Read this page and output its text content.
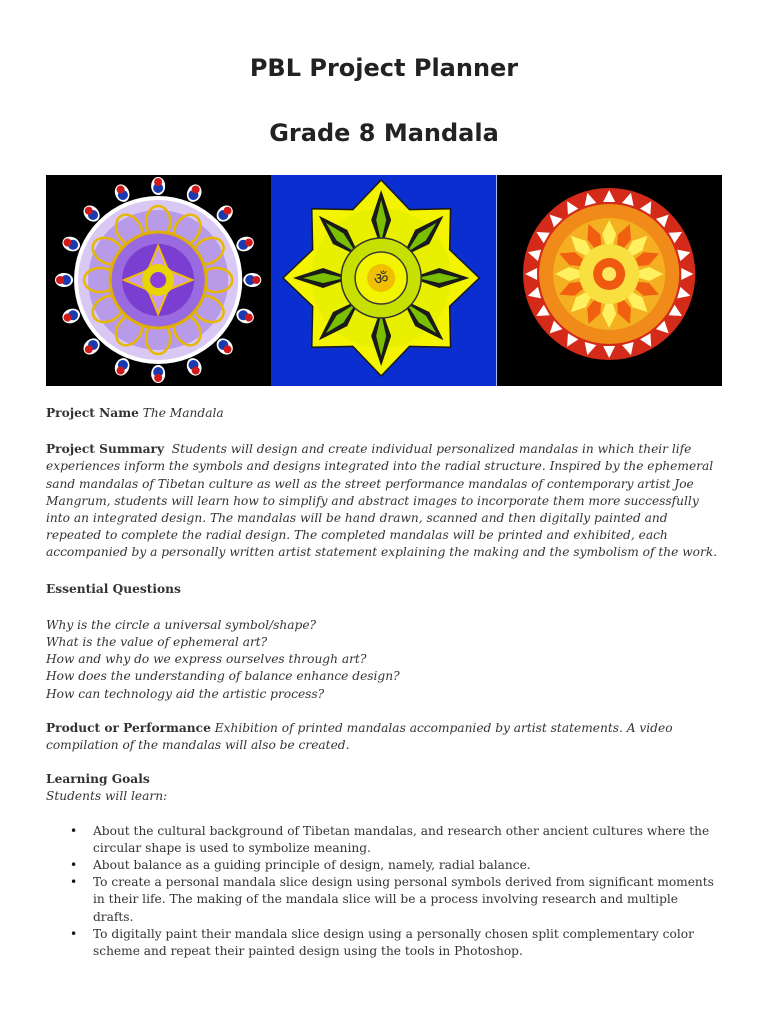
PBL Project Planner
Grade 8 Mandala
ॐ

Project Name The Mandala

Project Summary Students will design and create individual personalized mandalas in which their life experiences inform the symbols and designs integrated into the radial structure. Inspired by the ephemeral sand mandalas of Tibetan culture as well as the street performance mandalas of contemporary artist Joe Mangrum, students will learn how to simplify and abstract images to incorporate them more successfully into an integrated design. The mandalas will be hand drawn, scanned and then digitally painted and repeated to complete the radial design. The completed mandalas will be printed and exhibited, each accompanied by a personally written artist statement explaining the making and the symbolism of the work.

Essential Questions

Why is the circle a universal symbol/shape?

What is the value of ephemeral art?

How and why do we express ourselves through art?

How does the understanding of balance enhance design?

How can technology aid the artistic process?

Product or Performance Exhibition of printed mandalas accompanied by artist statements. A video compilation of the mandalas will also be created.

Learning Goals

Students will learn:

• About the cultural background of Tibetan mandalas, and research other ancient cultures where the circular shape is used to symbolize meaning.
• About balance as a guiding principle of design, namely, radial balance.
• To create a personal mandala slice design using personal symbols derived from significant moments in their life. The making of the mandala slice will be a process involving research and multiple drafts.
• To digitally paint their mandala slice design using a personally chosen split complementary color scheme and repeat their painted design using the tools in Photoshop.
